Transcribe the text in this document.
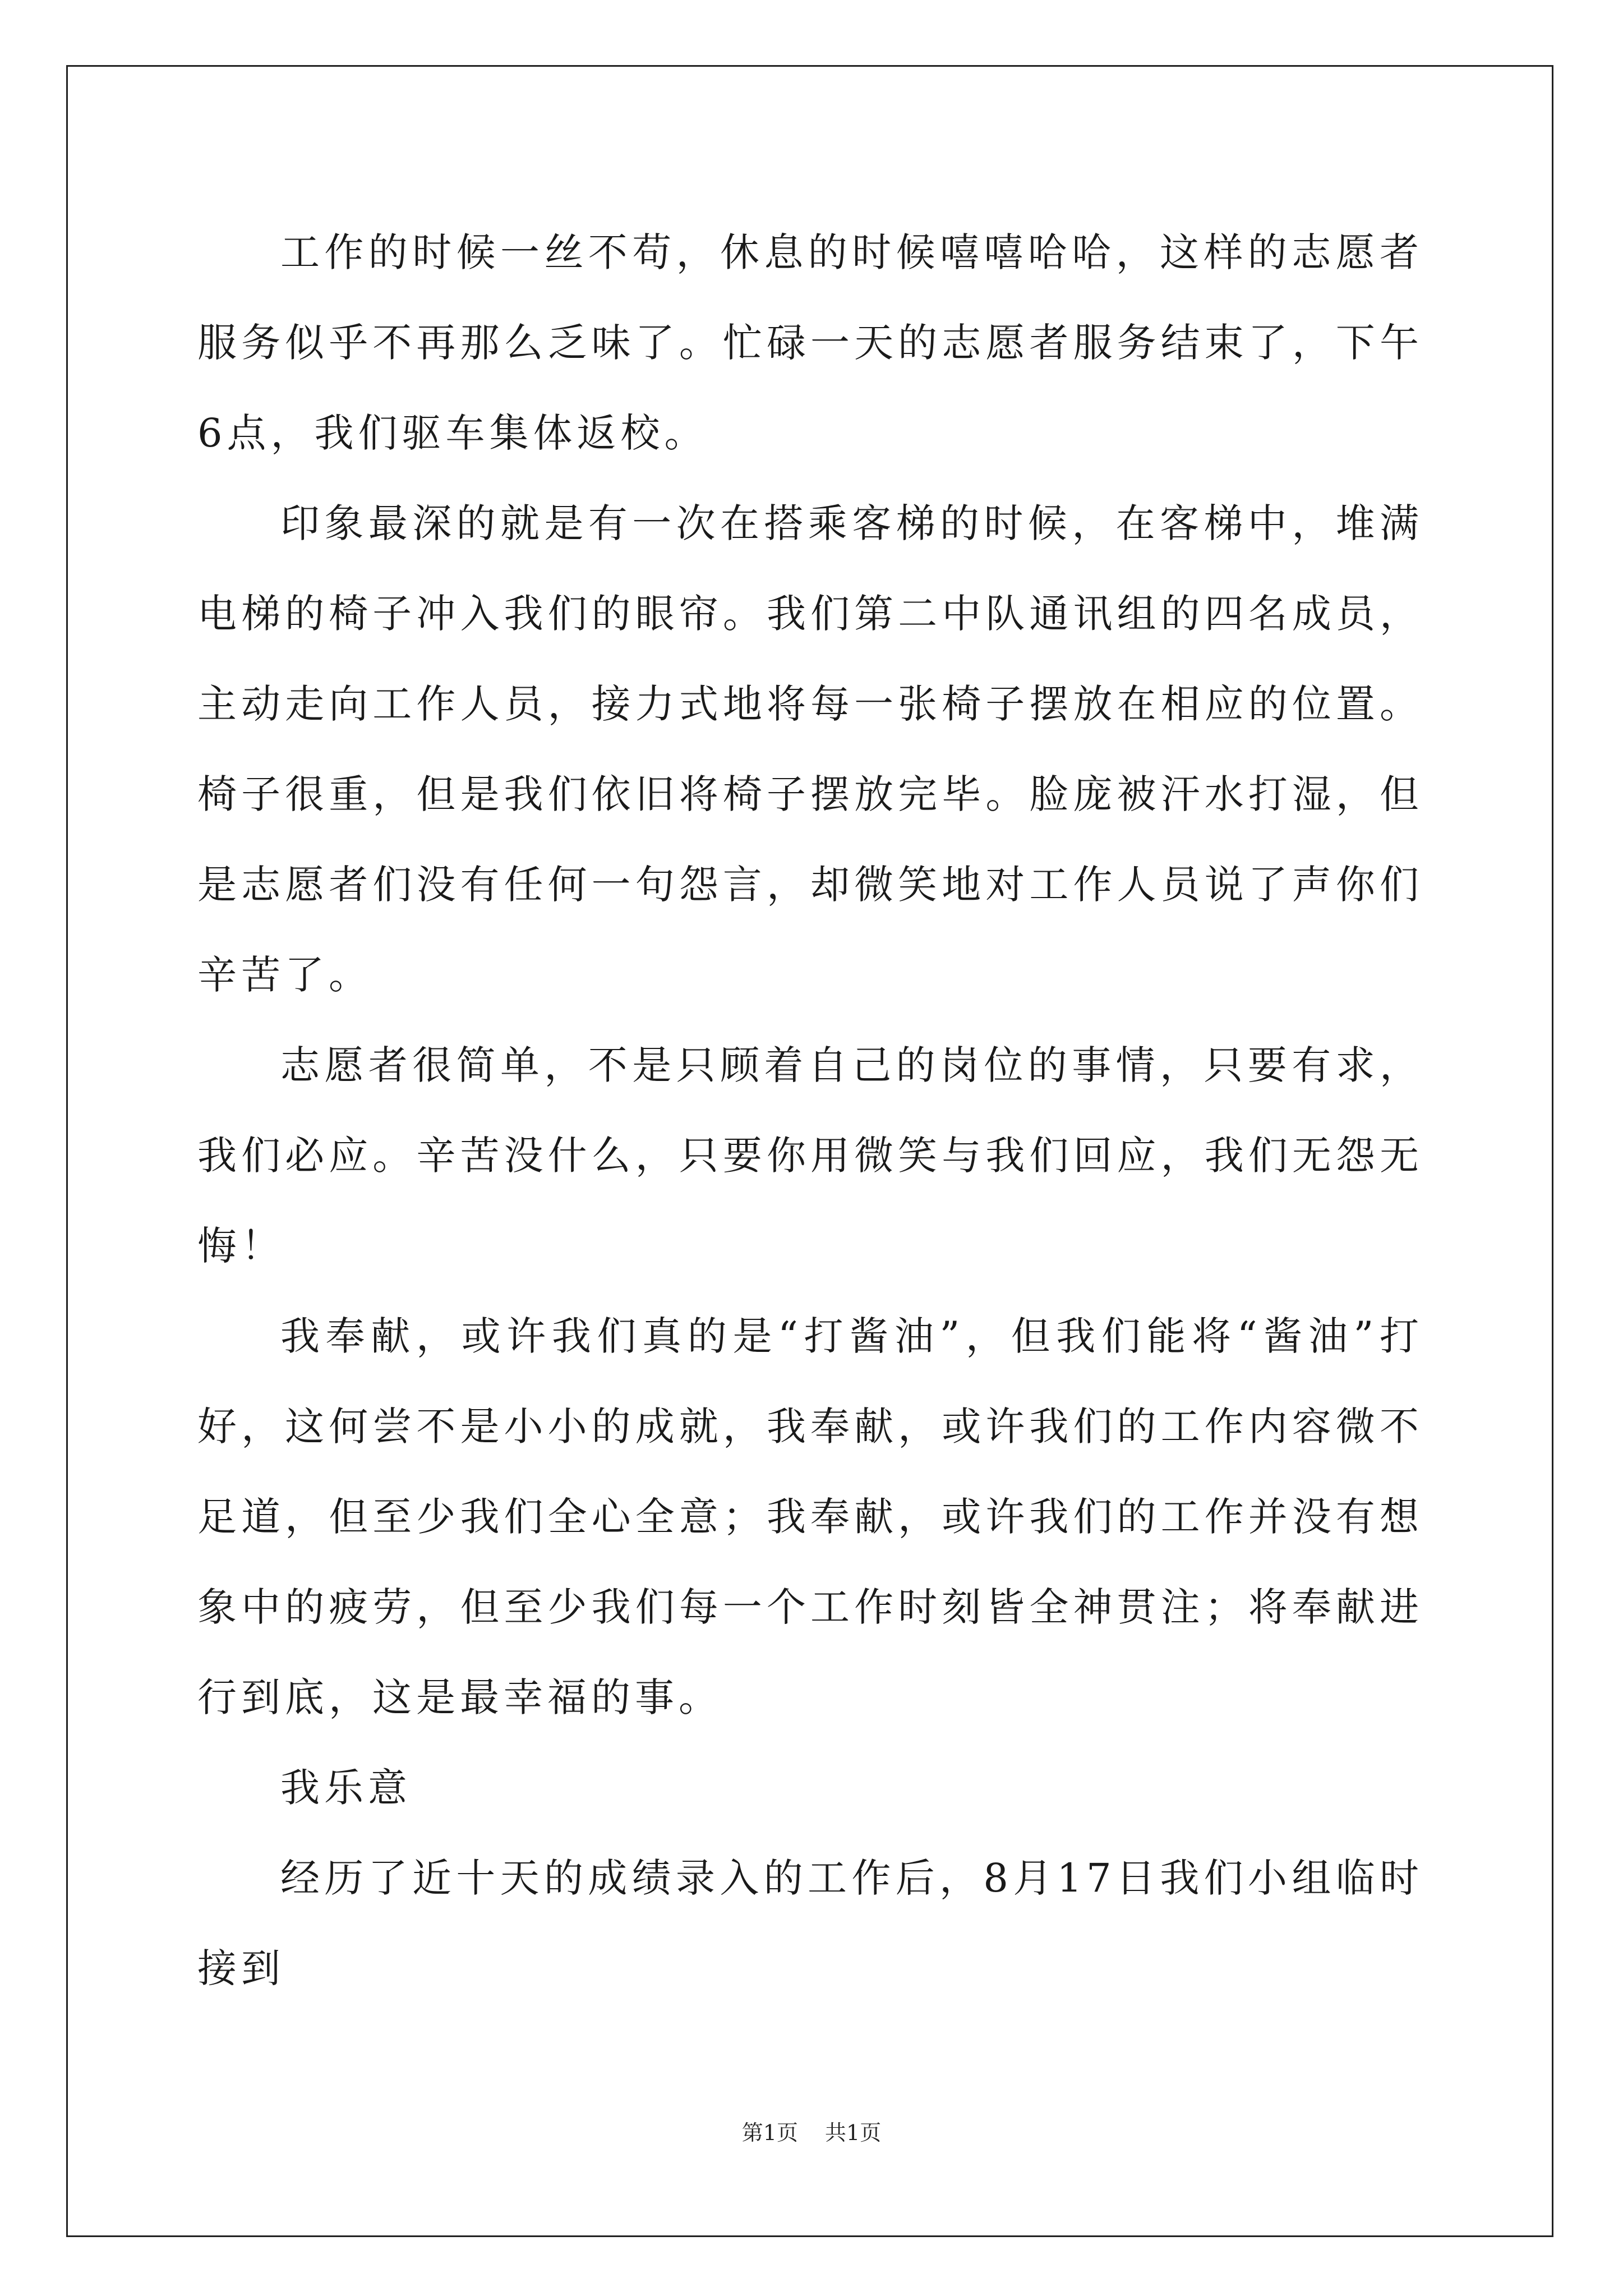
工作的时候一丝不苟，休息的时候嘻嘻哈哈，这样的志愿者服务似乎不再那么乏味了。忙碌一天的志愿者服务结束了，下午6点，我们驱车集体返校。

印象最深的就是有一次在搭乘客梯的时候，在客梯中，堆满电梯的椅子冲入我们的眼帘。我们第二中队通讯组的四名成员，主动走向工作人员，接力式地将每一张椅子摆放在相应的位置。椅子很重，但是我们依旧将椅子摆放完毕。脸庞被汗水打湿，但是志愿者们没有任何一句怨言，却微笑地对工作人员说了声你们辛苦了。

志愿者很简单，不是只顾着自己的岗位的事情，只要有求，我们必应。辛苦没什么，只要你用微笑与我们回应，我们无怨无悔！

我奉献，或许我们真的是“打酱油”，但我们能将“酱油”打好，这何尝不是小小的成就，我奉献，或许我们的工作内容微不足道，但至少我们全心全意；我奉献，或许我们的工作并没有想象中的疲劳，但至少我们每一个工作时刻皆全神贯注；将奉献进行到底，这是最幸福的事。

我乐意

经历了近十天的成绩录入的工作后，8月17日我们小组临时接到

第1页 共1页
